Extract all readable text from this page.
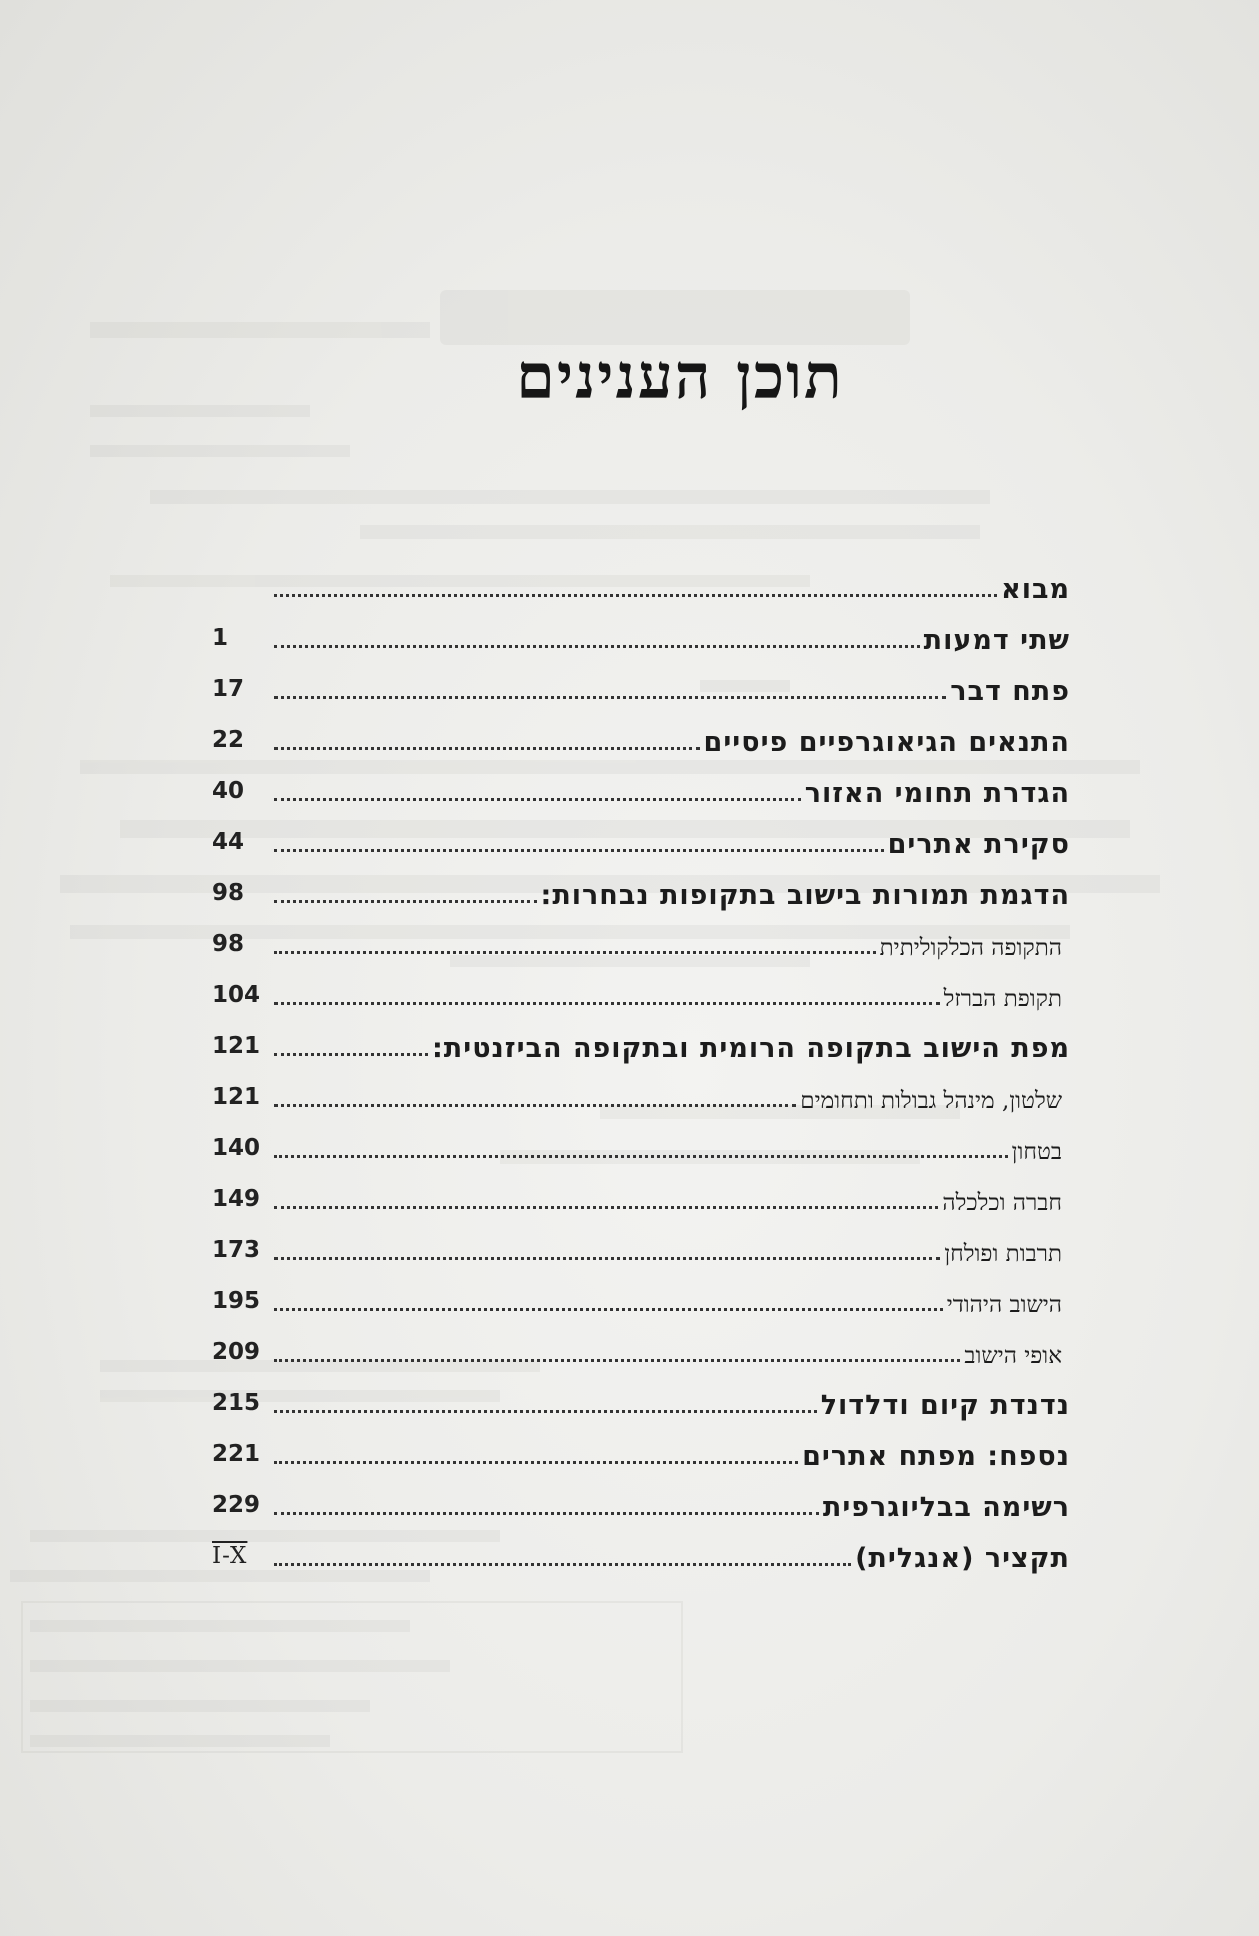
תוכן הענינים
מבוא
שתי דמעות
1
פתח דבר
17
התנאים הגיאוגרפיים פיסיים
22
הגדרת תחומי האזור
40
סקירת אתרים
44
הדגמת תמורות בישוב בתקופות נבחרות:
98
התקופה הכלקוליתית
98
תקופת הברזל
104
מפת הישוב בתקופה הרומית ובתקופה הביזנטית:
121
שלטון, מינהל גבולות ותחומים
121
בטחון
140
חברה וכלכלה
149
תרבות ופולחן
173
הישוב היהודי
195
אופי הישוב
209
נדנדת קיום ודלדול
215
נספח: מפתח אתרים
221
רשימה בבליוגרפית
229
תקציר (אנגלית)
I-X
